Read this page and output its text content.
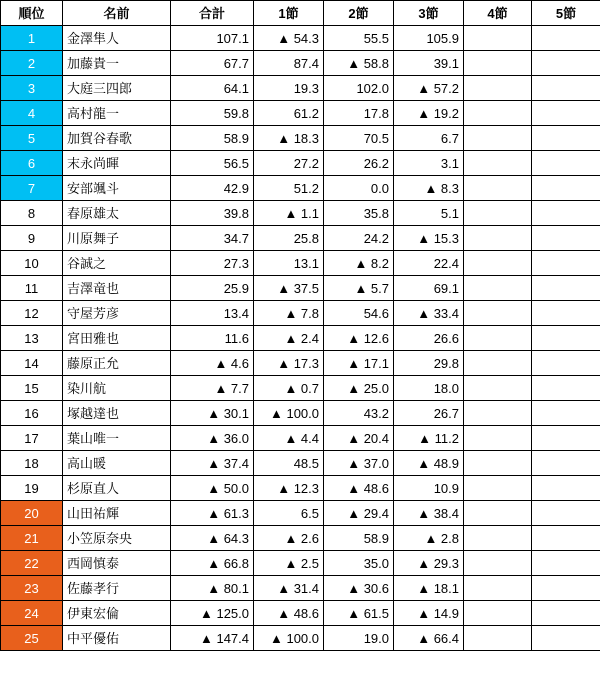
順位	名前	合計	1節	2節	3節	4節	5節
1	金澤隼人	107.1	▲ 54.3	55.5	105.9		
2	加藤貴一	67.7	87.4	▲ 58.8	39.1		
3	大庭三四郎	64.1	19.3	102.0	▲ 57.2		
4	高村龍一	59.8	61.2	17.8	▲ 19.2		
5	加賀谷春歌	58.9	▲ 18.3	70.5	6.7		
6	末永尚暉	56.5	27.2	26.2	3.1		
7	安部颯斗	42.9	51.2	0.0	▲ 8.3		
8	春原雄太	39.8	▲ 1.1	35.8	5.1		
9	川原舞子	34.7	25.8	24.2	▲ 15.3		
10	谷誠之	27.3	13.1	▲ 8.2	22.4		
11	吉澤竜也	25.9	▲ 37.5	▲ 5.7	69.1		
12	守屋芳彦	13.4	▲ 7.8	54.6	▲ 33.4		
13	宮田雅也	11.6	▲ 2.4	▲ 12.6	26.6		
14	藤原正允	▲ 4.6	▲ 17.3	▲ 17.1	29.8		
15	染川航	▲ 7.7	▲ 0.7	▲ 25.0	18.0		
16	塚越達也	▲ 30.1	▲ 100.0	43.2	26.7		
17	葉山唯一	▲ 36.0	▲ 4.4	▲ 20.4	▲ 11.2		
18	高山暖	▲ 37.4	48.5	▲ 37.0	▲ 48.9		
19	杉原直人	▲ 50.0	▲ 12.3	▲ 48.6	10.9		
20	山田祐輝	▲ 61.3	6.5	▲ 29.4	▲ 38.4		
21	小笠原奈央	▲ 64.3	▲ 2.6	58.9	▲ 2.8		
22	西岡慎泰	▲ 66.8	▲ 2.5	35.0	▲ 29.3		
23	佐藤孝行	▲ 80.1	▲ 31.4	▲ 30.6	▲ 18.1		
24	伊東宏倫	▲ 125.0	▲ 48.6	▲ 61.5	▲ 14.9		
25	中平優佑	▲ 147.4	▲ 100.0	19.0	▲ 66.4		
